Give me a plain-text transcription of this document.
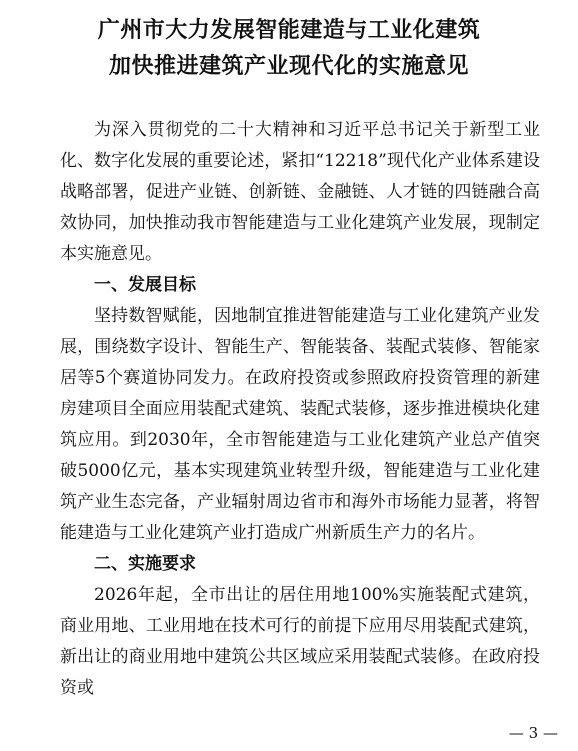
广州市大力发展智能建造与工业化建筑
加快推进建筑产业现代化的实施意见

为深入贯彻党的二十大精神和习近平总书记关于新型工业化、数字化发展的重要论述，紧扣“12218”现代化产业体系建设战略部署，促进产业链、创新链、金融链、人才链的四链融合高效协同，加快推动我市智能建造与工业化建筑产业发展，现制定本实施意见。

一、发展目标

坚持数智赋能，因地制宜推进智能建造与工业化建筑产业发展，围绕数字设计、智能生产、智能装备、装配式装修、智能家居等5个赛道协同发力。在政府投资或参照政府投资管理的新建房建项目全面应用装配式建筑、装配式装修，逐步推进模块化建筑应用。到2030年，全市智能建造与工业化建筑产业总产值突破5000亿元，基本实现建筑业转型升级，智能建造与工业化建筑产业生态完备，产业辐射周边省市和海外市场能力显著，将智能建造与工业化建筑产业打造成广州新质生产力的名片。

二、实施要求

2026年起，全市出让的居住用地100%实施装配式建筑，商业用地、工业用地在技术可行的前提下应用尽用装配式建筑，新出让的商业用地中建筑公共区域应采用装配式装修。在政府投资或

— 3 —
